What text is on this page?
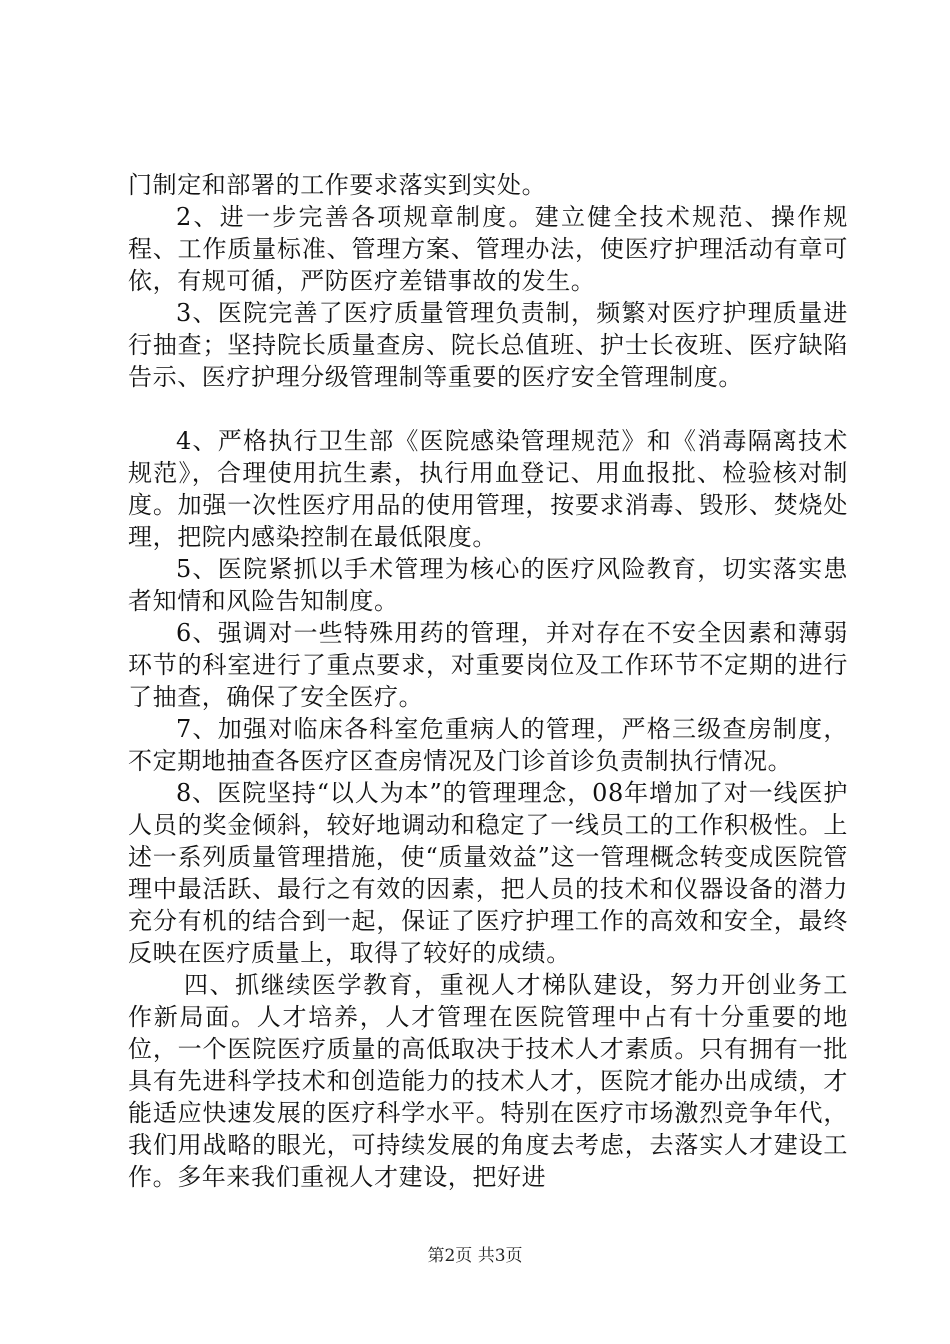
门制定和部署的工作要求落实到实处。

2、进一步完善各项规章制度。建立健全技术规范、操作规程、工作质量标准、管理方案、管理办法，使医疗护理活动有章可依，有规可循，严防医疗差错事故的发生。

3、医院完善了医疗质量管理负责制，频繁对医疗护理质量进行抽查；坚持院长质量查房、院长总值班、护士长夜班、医疗缺陷告示、医疗护理分级管理制等重要的医疗安全管理制度。

4、严格执行卫生部《医院感染管理规范》和《消毒隔离技术规范》，合理使用抗生素，执行用血登记、用血报批、检验核对制度。加强一次性医疗用品的使用管理，按要求消毒、毁形、焚烧处理，把院内感染控制在最低限度。

5、医院紧抓以手术管理为核心的医疗风险教育，切实落实患者知情和风险告知制度。

6、强调对一些特殊用药的管理，并对存在不安全因素和薄弱环节的科室进行了重点要求，对重要岗位及工作环节不定期的进行了抽查，确保了安全医疗。

7、加强对临床各科室危重病人的管理，严格三级查房制度，不定期地抽查各医疗区查房情况及门诊首诊负责制执行情况。

8、医院坚持“以人为本”的管理理念，08年增加了对一线医护人员的奖金倾斜，较好地调动和稳定了一线员工的工作积极性。上述一系列质量管理措施，使“质量效益”这一管理概念转变成医院管理中最活跃、最行之有效的因素，把人员的技术和仪器设备的潜力充分有机的结合到一起，保证了医疗护理工作的高效和安全，最终反映在医疗质量上，取得了较好的成绩。

四、抓继续医学教育，重视人才梯队建设，努力开创业务工作新局面。人才培养，人才管理在医院管理中占有十分重要的地位，一个医院医疗质量的高低取决于技术人才素质。只有拥有一批具有先进科学技术和创造能力的技术人才，医院才能办出成绩，才能适应快速发展的医疗科学水平。特别在医疗市场激烈竞争年代，我们用战略的眼光，可持续发展的角度去考虑，去落实人才建设工作。多年来我们重视人才建设，把好进

第2页 共3页
